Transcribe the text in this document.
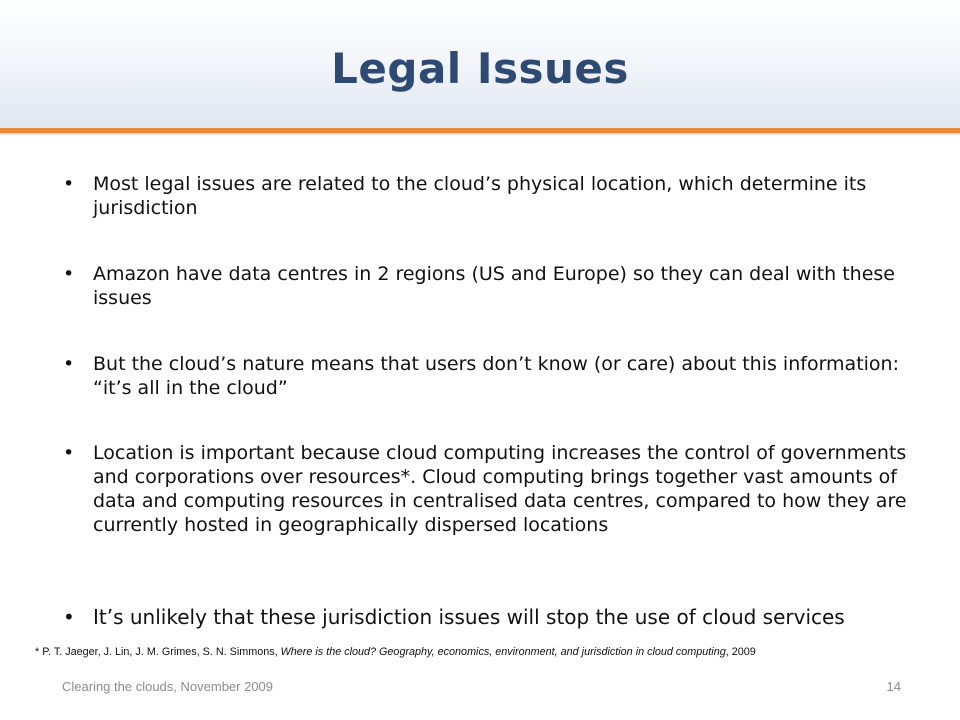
Legal Issues
• Most legal issues are related to the cloud’s physical location, which determine its jurisdiction
• Amazon have data centres in 2 regions (US and Europe) so they can deal with these issues
• But the cloud’s nature means that users don’t know (or care) about this information: “it’s all in the cloud”
• Location is important because cloud computing increases the control of governments and corporations over resources*. Cloud computing brings together vast amounts of data and computing resources in centralised data centres, compared to how they are currently hosted in geographically dispersed locations
• It’s unlikely that these jurisdiction issues will stop the use of cloud services
* P. T. Jaeger, J. Lin, J. M. Grimes, S. N. Simmons, Where is the cloud? Geography, economics, environment, and jurisdiction in cloud computing, 2009
Clearing the clouds, November 2009	14
